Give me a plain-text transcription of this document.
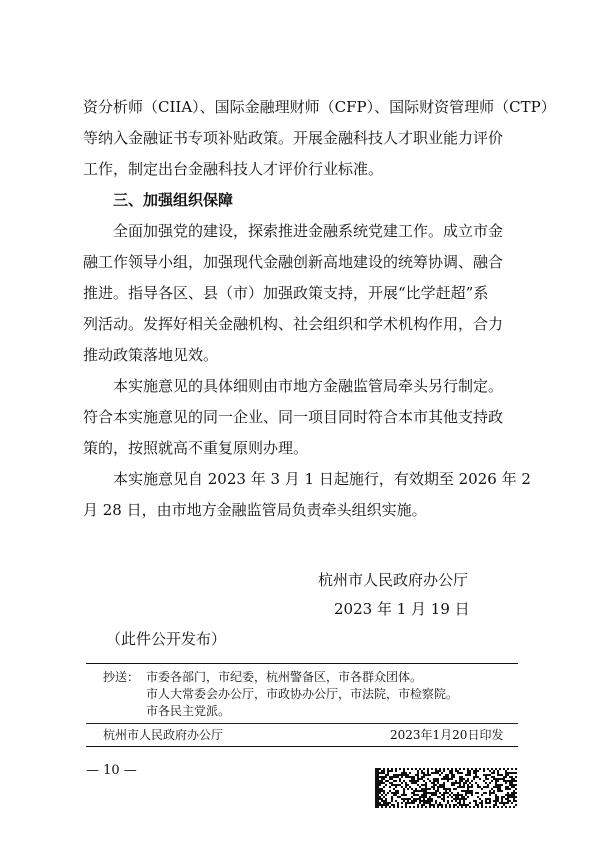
资分析师（CIIA）、国际金融理财师（CFP）、国际财资管理师（CTP）
等纳入金融证书专项补贴政策。开展金融科技人才职业能力评价
工作，制定出台金融科技人才评价行业标准。
三、加强组织保障
全面加强党的建设，探索推进金融系统党建工作。成立市金
融工作领导小组，加强现代金融创新高地建设的统筹协调、融合
推进。指导各区、县（市）加强政策支持，开展“比学赶超”系
列活动。发挥好相关金融机构、社会组织和学术机构作用，合力
推动政策落地见效。
本实施意见的具体细则由市地方金融监管局牵头另行制定。
符合本实施意见的同一企业、同一项目同时符合本市其他支持政
策的，按照就高不重复原则办理。
本实施意见自 2023 年 3 月 1 日起施行，有效期至 2026 年 2
月 28 日，由市地方金融监管局负责牵头组织实施。
杭州市人民政府办公厅
2023 年 1 月 19 日
（此件公开发布）
抄送： 市委各部门，市纪委，杭州警备区，市各群众团体。
市人大常委会办公厅，市政协办公厅，市法院，市检察院。
市各民主党派。
杭州市人民政府办公厅	2023年1月20日印发
— 10 —
